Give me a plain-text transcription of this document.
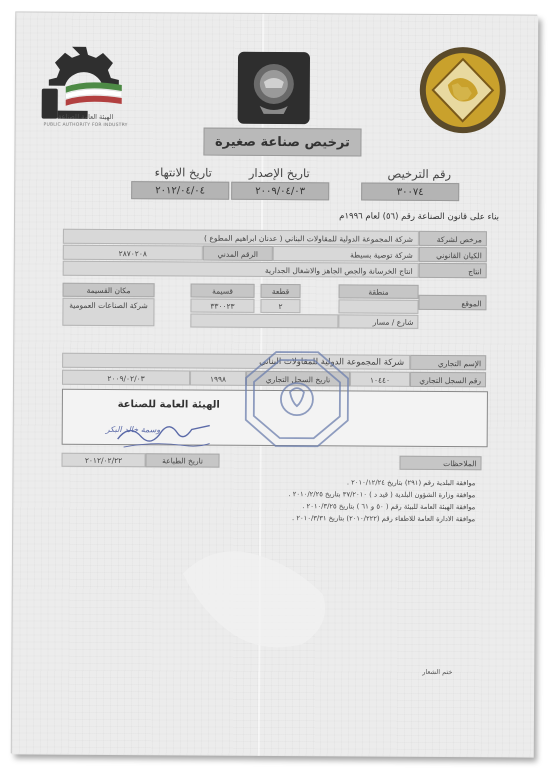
الهيئة العامة للصناعة
PUBLIC AUTHORITY FOR INDUSTRY
ترخيص صناعة صغيرة
رقم الترخيص
تاريخ الإصدار
تاريخ الانتهاء
٣٠٠٧٤
٢٠٠٩/٠٤/٠٣
٢٠١٢/٠٤/٠٤
بناء على قانون الصناعة رقم (٥٦) لعام ١٩٩٦م
مرخص لشركة
شركة المجموعة الدولية للمقاولات البناني ( عدنان ابراهيم المطوع )
الكيان القانوني
شركة توصية بسيطة
الرقم المدني
٢٨٧٠٢٠٨
انتاج
انتاج الخرسانة والجص الجاهز والاشغال الجدارية
الموقع
منطقة
قطعة
قسيمة
مكان القسيمة
٢
٣٣٠٠٢٣
شركة الصناعات العمومية
شارع / مسار
الإسم التجاري
شركة المجموعة الدولية للمقاولات البناني
رقم السجل التجاري
١٠٤٤٠
تاريخ السجل التجاري
١٩٩٨
٢٠٠٩/٠٢/٠٣
الهيئة العامة للصناعة
وسمة خالد البكر
٢٠١٢/٠٢/٢٢	تاريخ الطباعة	الملاحظات
موافقة البلدية رقم (٢٩١) بتاريخ ٢٠١٠/١٢/٢٤ .
موافقة وزارة الشؤون البلدية ( قيد د ) ٣٧/٢٠١٠ بتاريخ ٢٠١٠/٢/٢٥ .
موافقة الهيئة العامة للبيئة رقم ( ٥٠ و ٦١ ) بتاريخ ٢٠١٠/٣/٢٥ .
موافقة الادارة العامة للاطفاء رقم (٢٠١٠/٢٢٢) بتاريخ ٢٠١٠/٣/٣١ .
ختم الشعار
